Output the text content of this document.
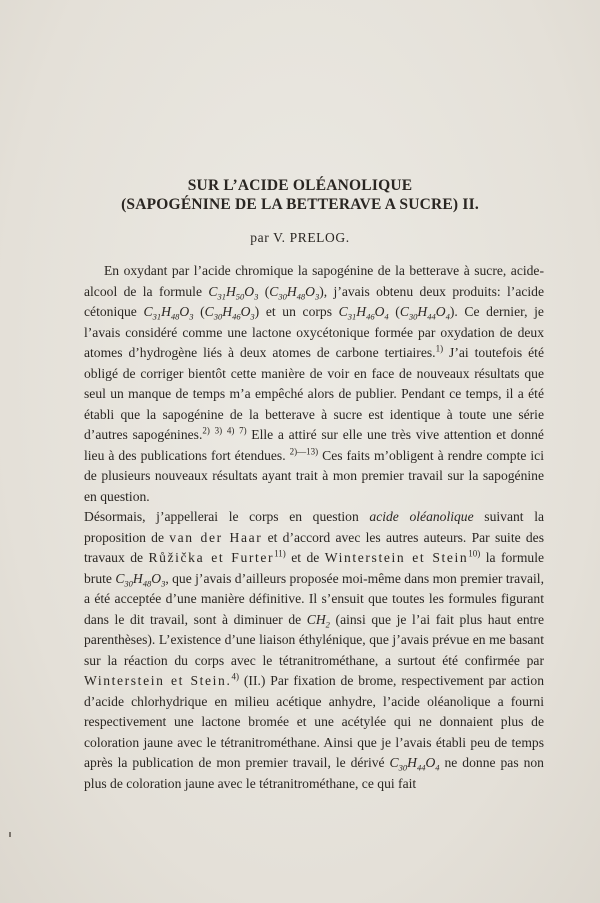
SUR L’ACIDE OLÉANOLIQUE
(SAPOGÉNINE DE LA BETTERAVE A SUCRE) II.
par V. PRELOG.

En oxydant par l’acide chromique la sapogénine de la betterave à sucre, acide-alcool de la formule $C_{31}H_{50}O_3$ $(C_{30}H_{48}O_3)$, j’avais obtenu deux produits: l’acide cétonique $C_{31}H_{48}O_3$ $(C_{30}H_{46}O_3)$ et un corps $C_{31}H_{46}O_4$ $(C_{30}H_{44}O_4)$. Ce dernier, je l’avais considéré comme une lactone oxycétonique formée par oxydation de deux atomes d’hydrogène liés à deux atomes de carbone tertiaires.$^{1)}$ J’ai toutefois été obligé de corriger bientôt cette manière de voir en face de nouveaux résultats que seul un manque de temps m’a empêché alors de publier. Pendant ce temps, il a été établi que la sapogénine de la betterave à sucre est identique à toute une série d’autres sapogénines.$^{2)}$ $^{3)}$ $^{4)}$ $^{7)}$ Elle a attiré sur elle une très vive attention et donné lieu à des publications fort étendues. $^{2)—13)}$ Ces faits m’obligent à rendre compte ici de plusieurs nouveaux résultats ayant trait à mon premier travail sur la sapogénine en question.

Désormais, j’appellerai le corps en question acide oléanolique suivant la proposition de van der Haar et d’accord avec les autres auteurs. Par suite des travaux de Růžička et Furter$^{11)}$ et de Winterstein et Stein$^{10)}$ la formule brute $C_{30}H_{48}O_3$, que j’avais d’ailleurs proposée moi-même dans mon premier travail, a été acceptée d’une manière définitive. Il s’ensuit que toutes les formules figurant dans le dit travail, sont à diminuer de $CH_2$ (ainsi que je l’ai fait plus haut entre parenthèses). L’existence d’une liaison éthylénique, que j’avais prévue en me basant sur la réaction du corps avec le tétranitrométhane, a surtout été confirmée par Winterstein et Stein.$^{4)}$ (II.) Par fixation de brome, respectivement par action d’acide chlorhydrique en milieu acétique anhydre, l’acide oléanolique a fourni respectivement une lactone bromée et une acétylée qui ne donnaient plus de coloration jaune avec le tétranitrométhane. Ainsi que je l’avais établi peu de temps après la publication de mon premier travail, le dérivé $C_{30}H_{44}O_4$ ne donne pas non plus de coloration jaune avec le tétranitrométhane, ce qui fait
